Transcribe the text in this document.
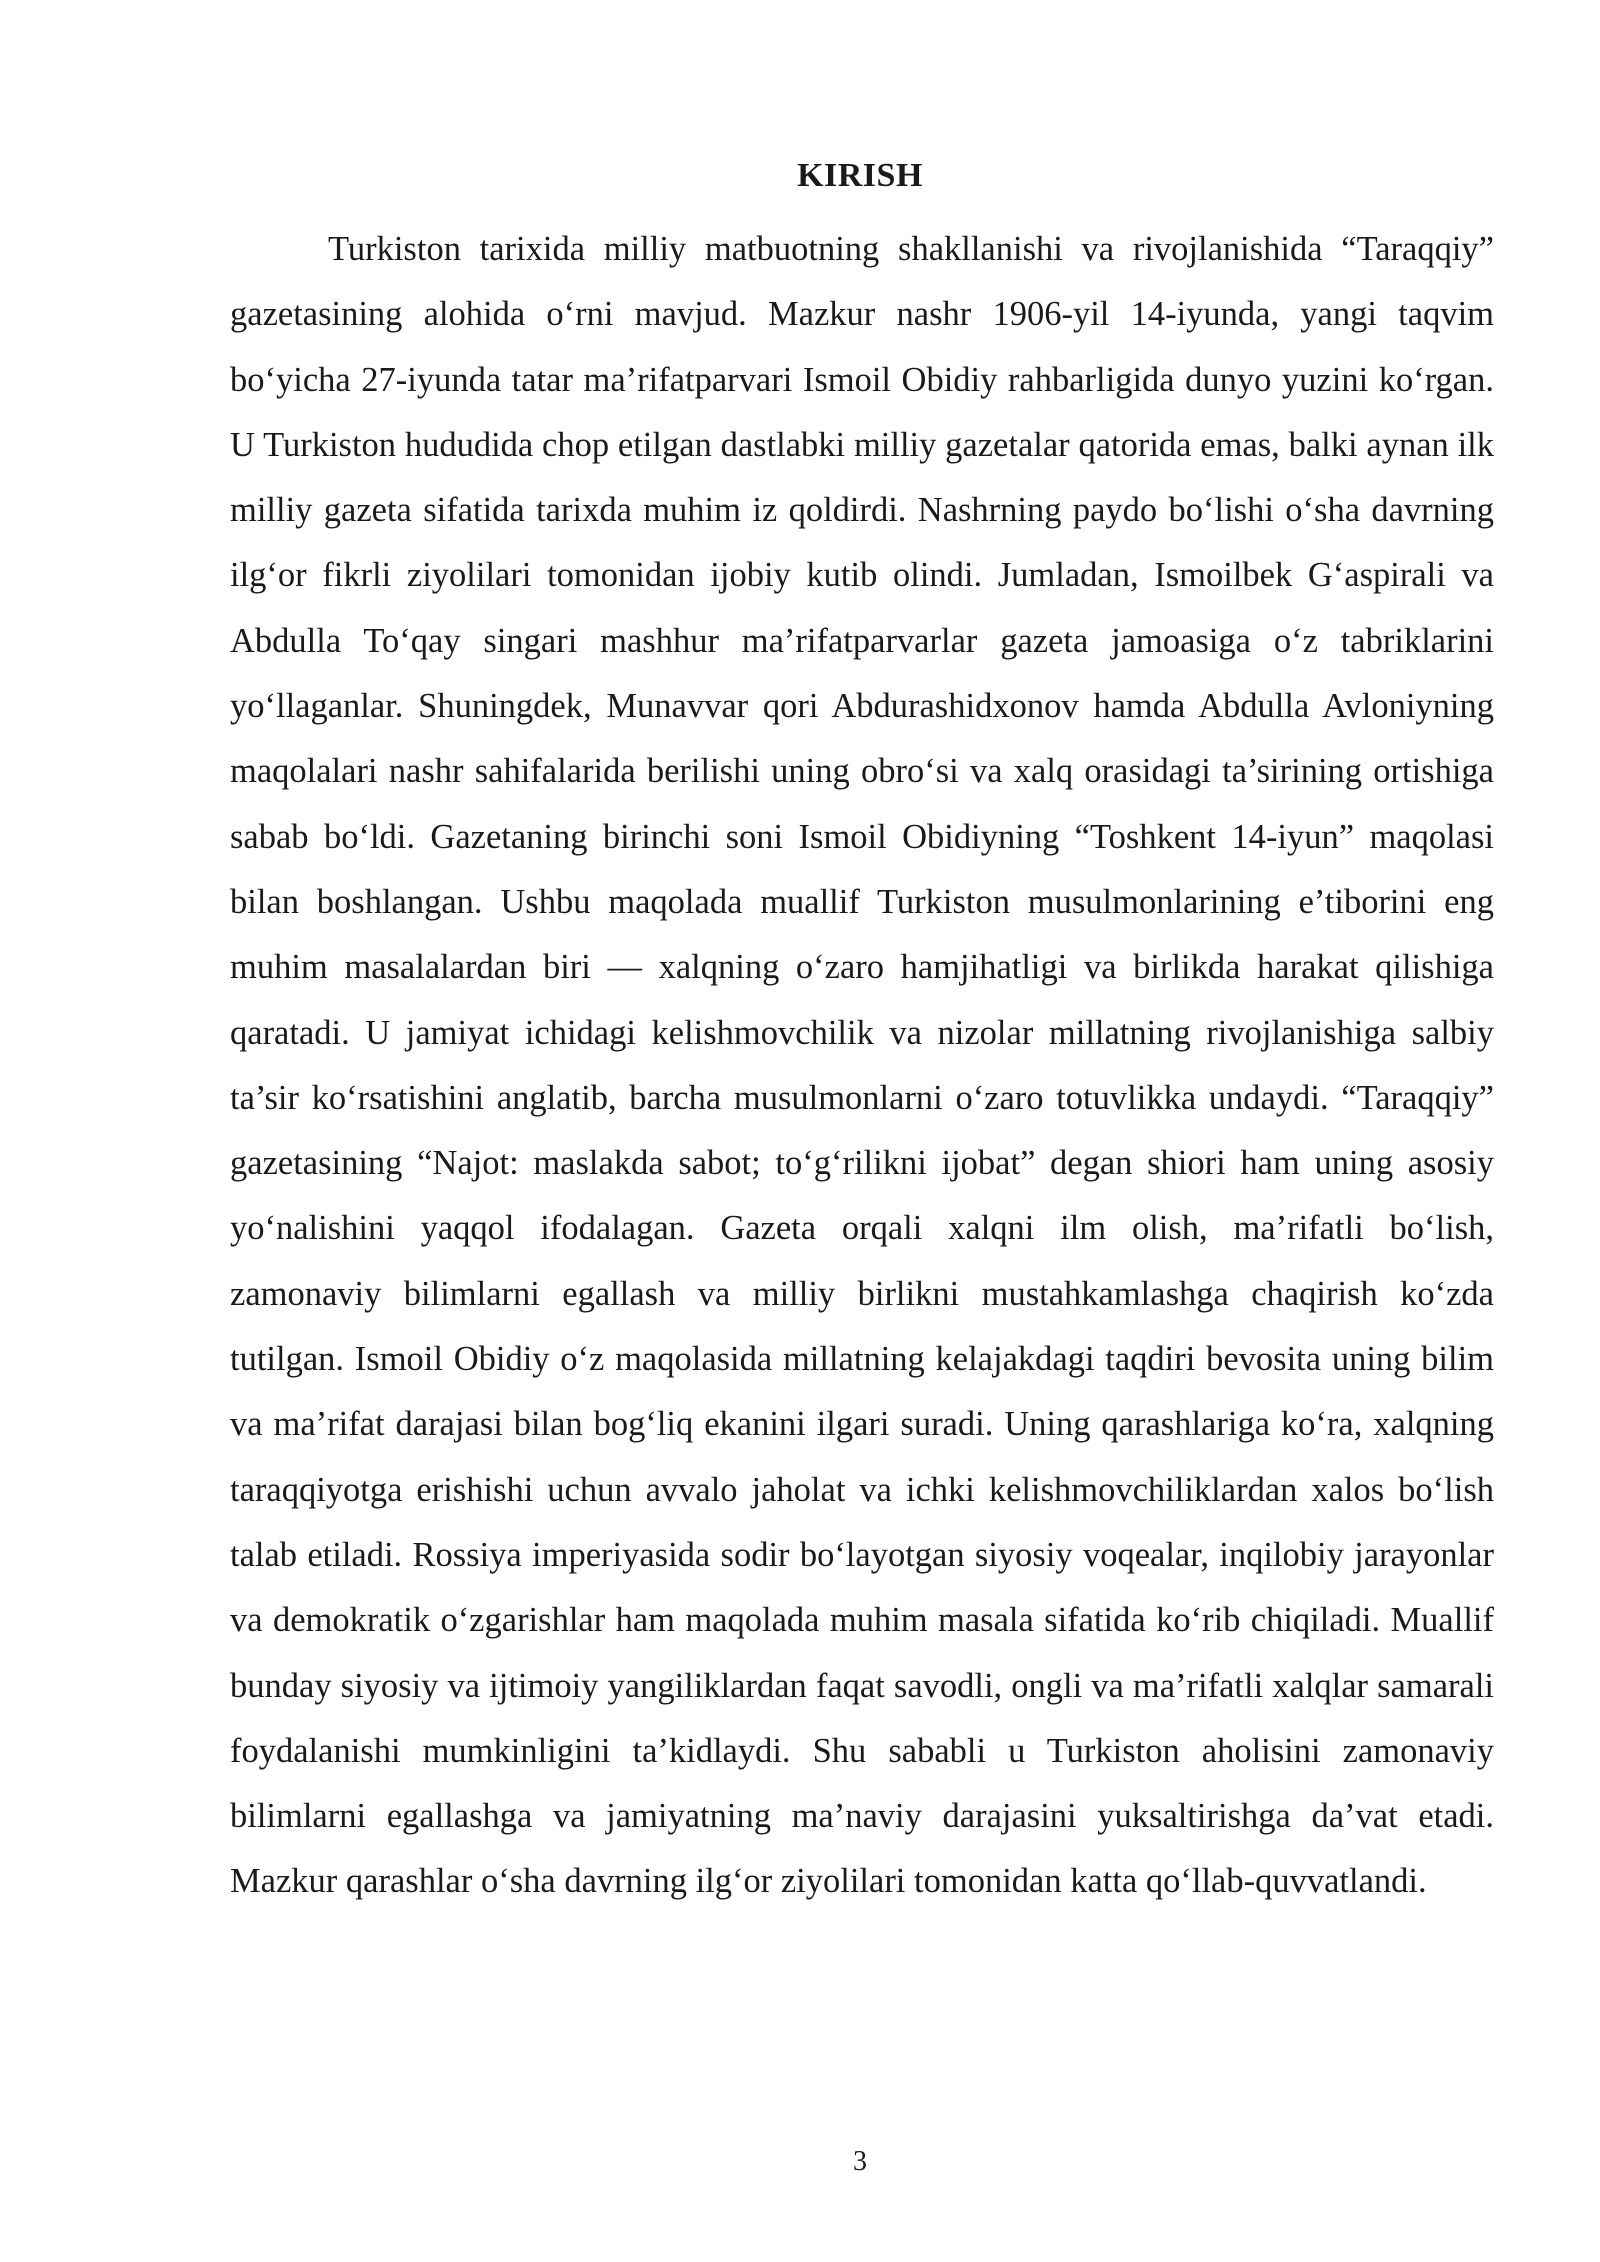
KIRISH

Turkiston tarixida milliy matbuotning shakllanishi va rivojlanishida “Taraqqiy” gazetasining alohida o‘rni mavjud. Mazkur nashr 1906-yil 14-iyunda, yangi taqvim bo‘yicha 27-iyunda tatar ma’rifatparvari Ismoil Obidiy rahbarligida dunyo yuzini ko‘rgan. U Turkiston hududida chop etilgan dastlabki milliy gazetalar qatorida emas, balki aynan ilk milliy gazeta sifatida tarixda muhim iz qoldirdi. Nashrning paydo bo‘lishi o‘sha davrning ilg‘or fikrli ziyolilari tomonidan ijobiy kutib olindi. Jumladan, Ismoilbek G‘aspirali va Abdulla To‘qay singari mashhur ma’rifatparvarlar gazeta jamoasiga o‘z tabriklarini yo‘llaganlar. Shuningdek, Munavvar qori Abdurashidxonov hamda Abdulla Avloniyning maqolalari nashr sahifalarida berilishi uning obro‘si va xalq orasidagi ta’sirining ortishiga sabab bo‘ldi. Gazetaning birinchi soni Ismoil Obidiyning “Toshkent 14-iyun” maqolasi bilan boshlangan. Ushbu maqolada muallif Turkiston musulmonlarining e’tiborini eng muhim masalalardan biri — xalqning o‘zaro hamjihatligi va birlikda harakat qilishiga qaratadi. U jamiyat ichidagi kelishmovchilik va nizolar millatning rivojlanishiga salbiy ta’sir ko‘rsatishini anglatib, barcha musulmonlarni o‘zaro totuvlikka undaydi. “Taraqqiy” gazetasining “Najot: maslakda sabot; to‘g‘rilikni ijobat” degan shiori ham uning asosiy yo‘nalishini yaqqol ifodalagan. Gazeta orqali xalqni ilm olish, ma’rifatli bo‘lish, zamonaviy bilimlarni egallash va milliy birlikni mustahkamlashga chaqirish ko‘zda tutilgan. Ismoil Obidiy o‘z maqolasida millatning kelajakdagi taqdiri bevosita uning bilim va ma’rifat darajasi bilan bog‘liq ekanini ilgari suradi. Uning qarashlariga ko‘ra, xalqning taraqqiyotga erishishi uchun avvalo jaholat va ichki kelishmovchiliklardan xalos bo‘lish talab etiladi. Rossiya imperiyasida sodir bo‘layotgan siyosiy voqealar, inqilobiy jarayonlar va demokratik o‘zgarishlar ham maqolada muhim masala sifatida ko‘rib chiqiladi. Muallif bunday siyosiy va ijtimoiy yangiliklardan faqat savodli, ongli va ma’rifatli xalqlar samarali foydalanishi mumkinligini ta’kidlaydi. Shu sababli u Turkiston aholisini zamonaviy bilimlarni egallashga va jamiyatning ma’naviy darajasini yuksaltirishga da’vat etadi. Mazkur qarashlar o‘sha davrning ilg‘or ziyolilari tomonidan katta qo‘llab-quvvatlandi.

3
